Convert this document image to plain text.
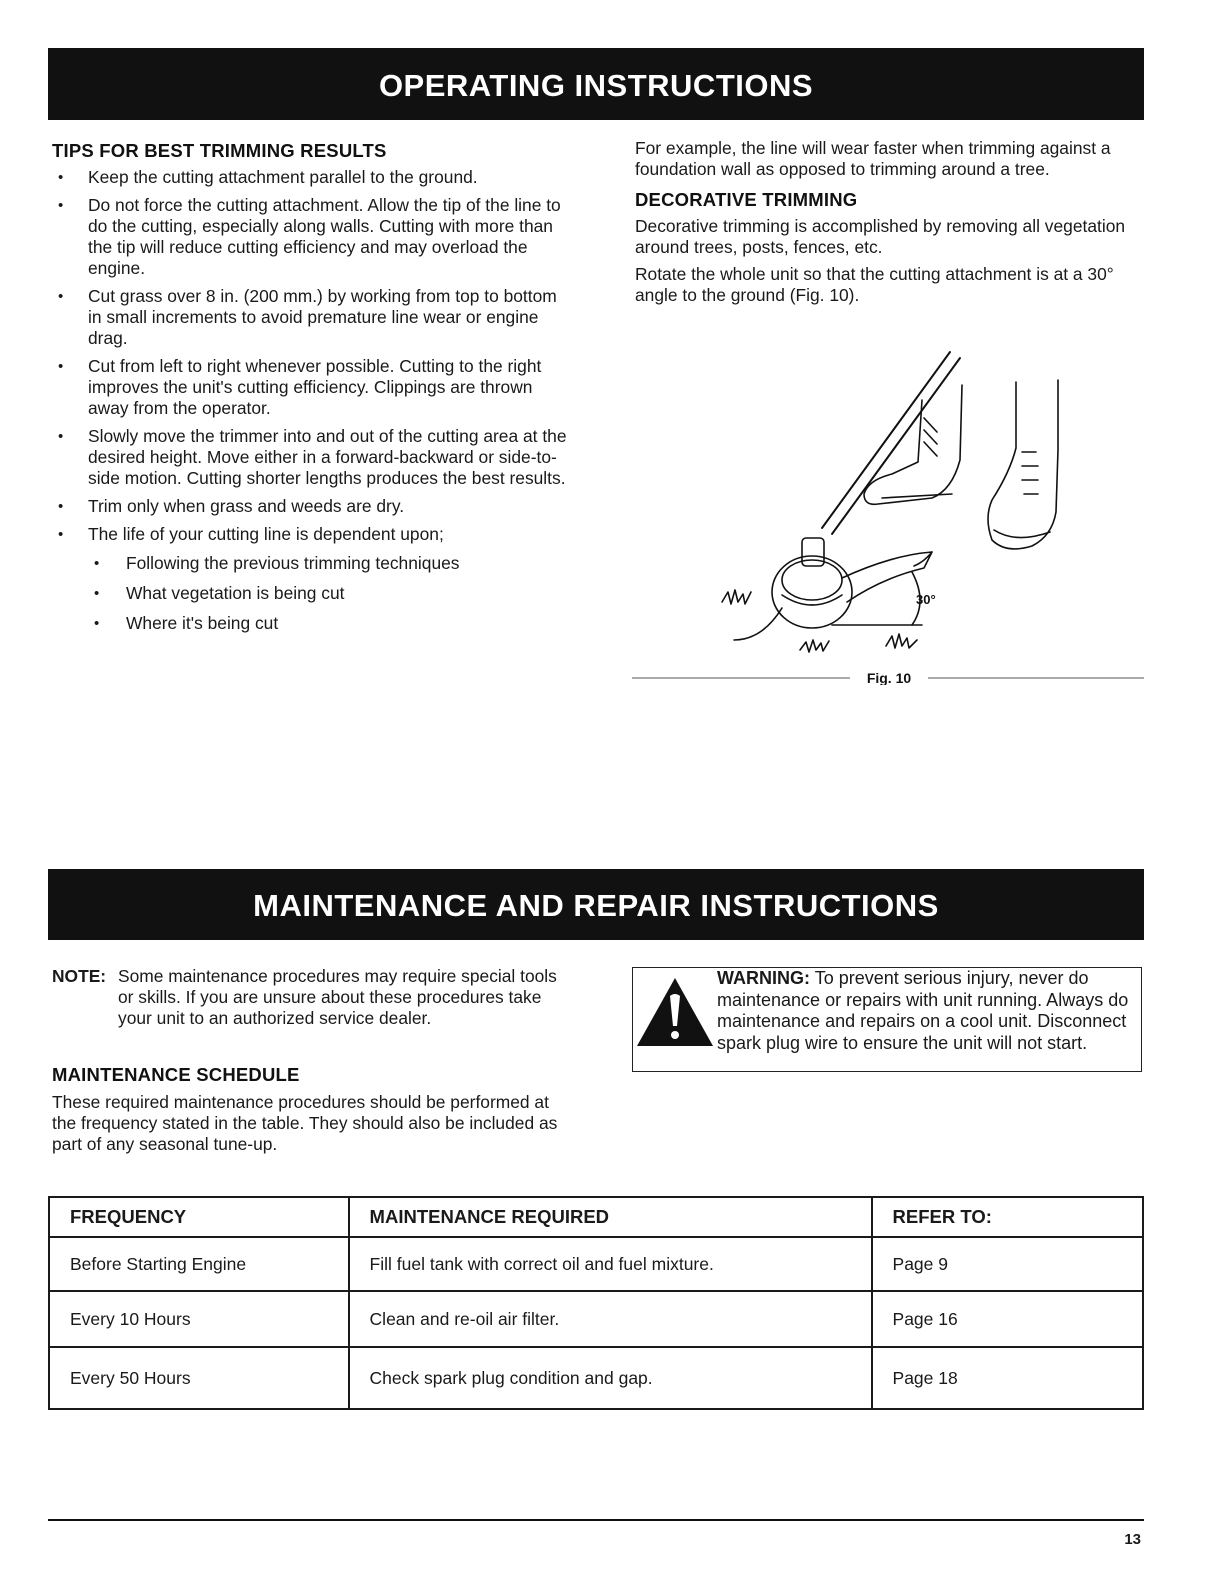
OPERATING INSTRUCTIONS
TIPS FOR BEST TRIMMING RESULTS
• Keep the cutting attachment parallel to the ground.
• Do not force the cutting attachment. Allow the tip of the line to do the cutting, especially along walls. Cutting with more than the tip will reduce cutting efficiency and may overload the engine.
• Cut grass over 8 in. (200 mm.) by working from top to bottom in small increments to avoid premature line wear or engine drag.
• Cut from left to right whenever possible. Cutting to the right improves the unit's cutting efficiency. Clippings are thrown away from the operator.
• Slowly move the trimmer into and out of the cutting area at the desired height. Move either in a forward-backward or side-to-side motion. Cutting shorter lengths produces the best results.
• Trim only when grass and weeds are dry.
• The life of your cutting line is dependent upon;
• Following the previous trimming techniques
• What vegetation is being cut
• Where it's being cut

For example, the line will wear faster when trimming against a foundation wall as opposed to trimming around a tree.

DECORATIVE TRIMMING

Decorative trimming is accomplished by removing all vegetation around trees, posts, fences, etc.

Rotate the whole unit so that the cutting attachment is at a 30° angle to the ground (Fig. 10).

30°
Fig. 10
MAINTENANCE AND REPAIR INSTRUCTIONS
NOTE: Some maintenance procedures may require special tools or skills. If you are unsure about these procedures take your unit to an authorized service dealer.
MAINTENANCE SCHEDULE

These required maintenance procedures should be performed at the frequency stated in the table. They should also be included as part of any seasonal tune-up.

WARNING: To prevent serious injury, never do maintenance or repairs with unit running. Always do maintenance and repairs on a cool unit. Disconnect spark plug wire to ensure the unit will not start.
FREQUENCY	MAINTENANCE REQUIRED	REFER TO:
Before Starting Engine	Fill fuel tank with correct oil and fuel mixture.	Page 9
Every 10 Hours	Clean and re-oil air filter.	Page 16
Every 50 Hours	Check spark plug condition and gap.	Page 18
13
